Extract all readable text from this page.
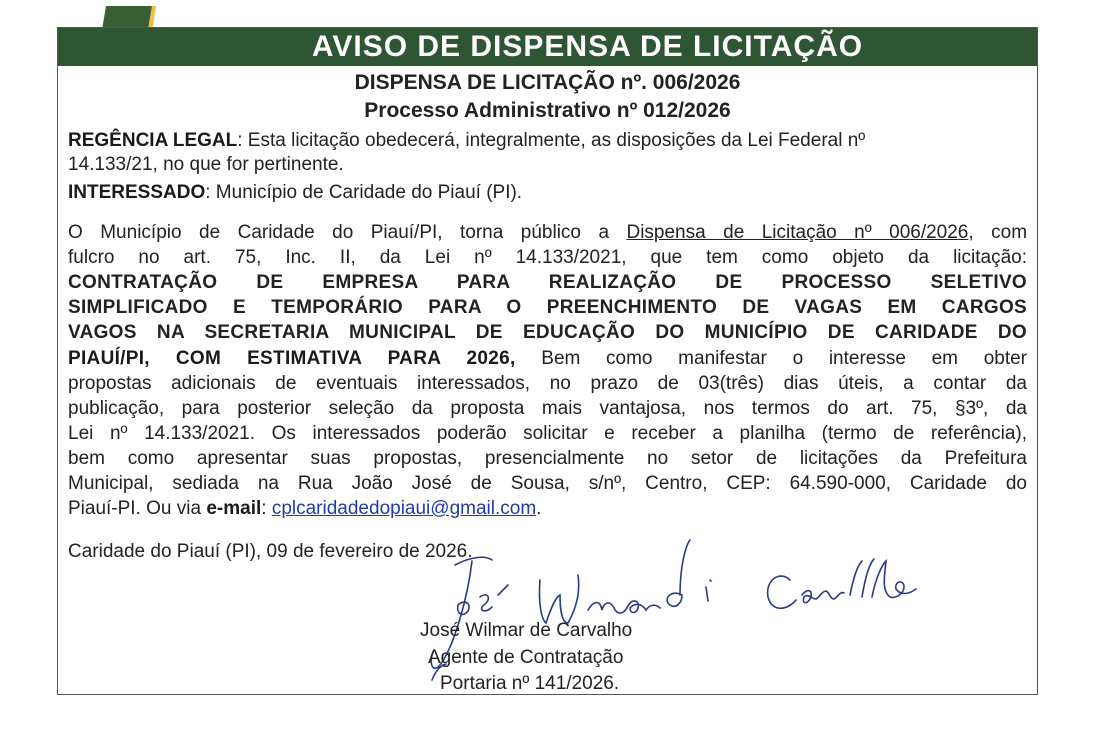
AVISO DE DISPENSA DE LICITAÇÃO
DISPENSA DE LICITAÇÃO nº. 006/2026
Processo Administrativo nº 012/2026
REGÊNCIA LEGAL: Esta licitação obedecerá, integralmente, as disposições da Lei Federal nº
14.133/21, no que for pertinente.
INTERESSADO: Município de Caridade do Piauí (PI).
O Município de Caridade do Piauí/PI, torna público a Dispensa de Licitação nº 006/2026, com
fulcro no art. 75, Inc. II, da Lei nº 14.133/2021, que tem como objeto da licitação:
CONTRATAÇÃO DE EMPRESA PARA REALIZAÇÃO DE PROCESSO SELETIVO
SIMPLIFICADO E TEMPORÁRIO PARA O PREENCHIMENTO DE VAGAS EM CARGOS
VAGOS NA SECRETARIA MUNICIPAL DE EDUCAÇÃO DO MUNICÍPIO DE CARIDADE DO
PIAUÍ/PI, COM ESTIMATIVA PARA 2026, Bem como manifestar o interesse em obter
propostas adicionais de eventuais interessados, no prazo de 03(três) dias úteis, a contar da
publicação, para posterior seleção da proposta mais vantajosa, nos termos do art. 75, §3º, da
Lei nº 14.133/2021. Os interessados poderão solicitar e receber a planilha (termo de referência),
bem como apresentar suas propostas, presencialmente no setor de licitações da Prefeitura
Municipal, sediada na Rua João José de Sousa, s/nº, Centro, CEP: 64.590-000, Caridade do
Piauí-PI. Ou via e-mail: cplcaridadedopiaui@gmail.com.
Caridade do Piauí (PI), 09 de fevereiro de 2026.
José Wilmar de Carvalho
Agente de Contratação
Portaria nº 141/2026.
